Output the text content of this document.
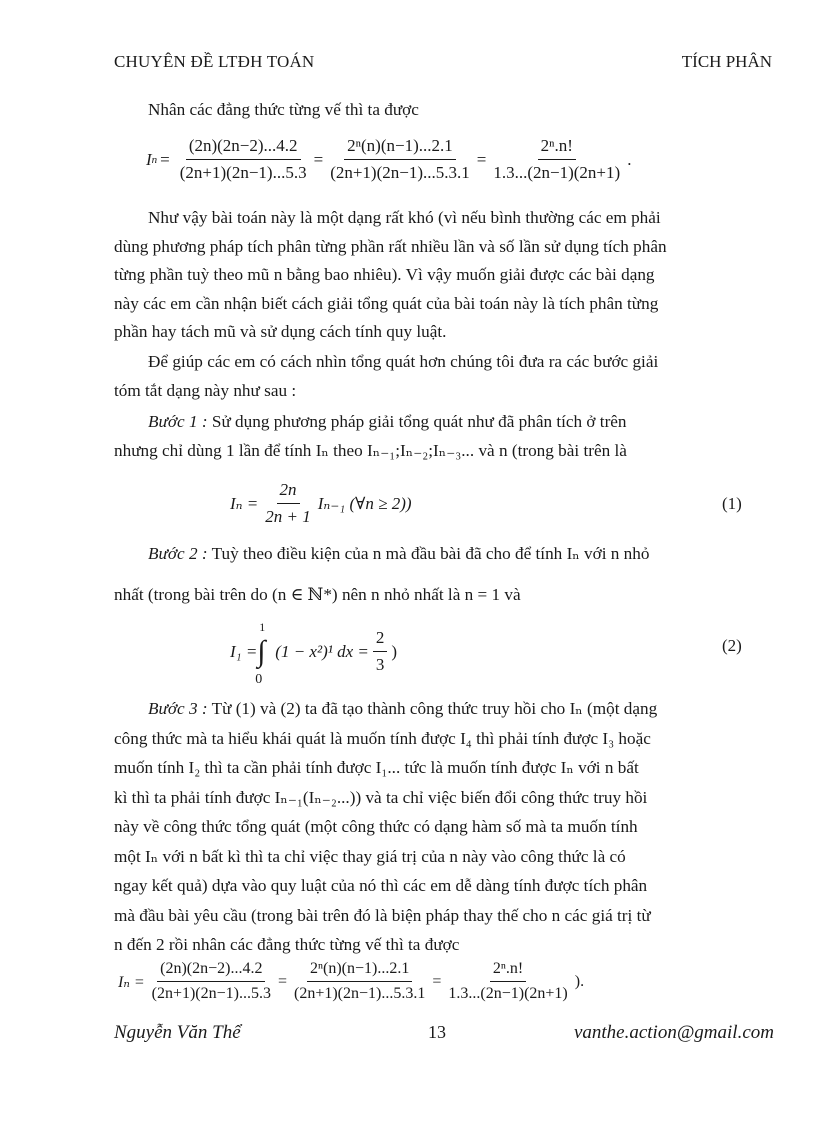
CHUYÊN ĐỀ LTĐH TOÁN	TÍCH PHÂN
Nhân các đẳng thức từng vế thì ta được
I $n = \frac{(2n)(2n-2)...4.2}{(2n+1)(2n-1)...5.3} = \frac{\text{2ⁿ(n)(n−1)...2.1}}{(2n+1)(2n-1)...5.3.1} = \frac{\text{2ⁿ.n!}}{1.3...(2n-1)(2n+1)}$ .
Như vậy bài toán này là một dạng rất khó (vì nếu bình thường các em phải
dùng phương pháp tích phân từng phần rất nhiều lần và số lần sử dụng tích phân
từng phần tuỳ theo mũ n bằng bao nhiêu). Vì vậy muốn giải được các bài dạng
này các em cần nhận biết cách giải tổng quát của bài toán này là tích phân từng
phần hay tách mũ và sử dụng cách tính quy luật.
Để giúp các em có cách nhìn tổng quát hơn chúng tôi đưa ra các bước giải
tóm tắt dạng này như sau :
Bước 1 : Sử dụng phương pháp giải tổng quát như đã phân tích ở trên
nhưng chỉ dùng 1 lần để tính Iₙ theo Iₙ₋₁;Iₙ₋₂;Iₙ₋₃... và n (trong bài trên là
$I_n = \frac{2n}{2n + 1} I_{n-1}$ (∀n ≥ 2))	(1)
Bước 2 : Tuỳ theo điều kiện của n mà đầu bài đã cho để tính Iₙ với n nhỏ
nhất (trong bài trên do (n ∈ ℕ*) nên n nhỏ nhất là n = 1 và
I₁ = ∫
1
0
(1 − x²)¹ dx = $\frac{2}{3}$ )	(2)
Bước 3 : Từ (1) và (2) ta đã tạo thành công thức truy hồi cho Iₙ (một dạng
công thức mà ta hiểu khái quát là muốn tính được I₄ thì phải tính được I₃ hoặc
muốn tính I₂ thì ta cần phải tính được I₁... tức là muốn tính được Iₙ với n bất
kì thì ta phải tính được Iₙ₋₁(Iₙ₋₂...)) và ta chỉ việc biến đổi công thức truy hồi
này về công thức tổng quát (một công thức có dạng hàm số mà ta muốn tính
một Iₙ với n bất kì thì ta chỉ việc thay giá trị của n này vào công thức là có
ngay kết quả) dựa vào quy luật của nó thì các em dễ dàng tính được tích phân
mà đầu bài yêu cầu (trong bài trên đó là biện pháp thay thế cho n các giá trị từ
n đến 2 rồi nhân các đẳng thức từng vế thì ta được
$I_n = \frac{(2n)(2n-2)...4.2}{(2n+1)(2n-1)...5.3} = \frac{\text{2ⁿ(n)(n−1)...2.1}}{(2n+1)(2n-1)...5.3.1} = \frac{\text{2ⁿ.n!}}{1.3...(2n-1)(2n+1)}$ ).
Nguyễn Văn Thể	13	vanthe.action@gmail.com
